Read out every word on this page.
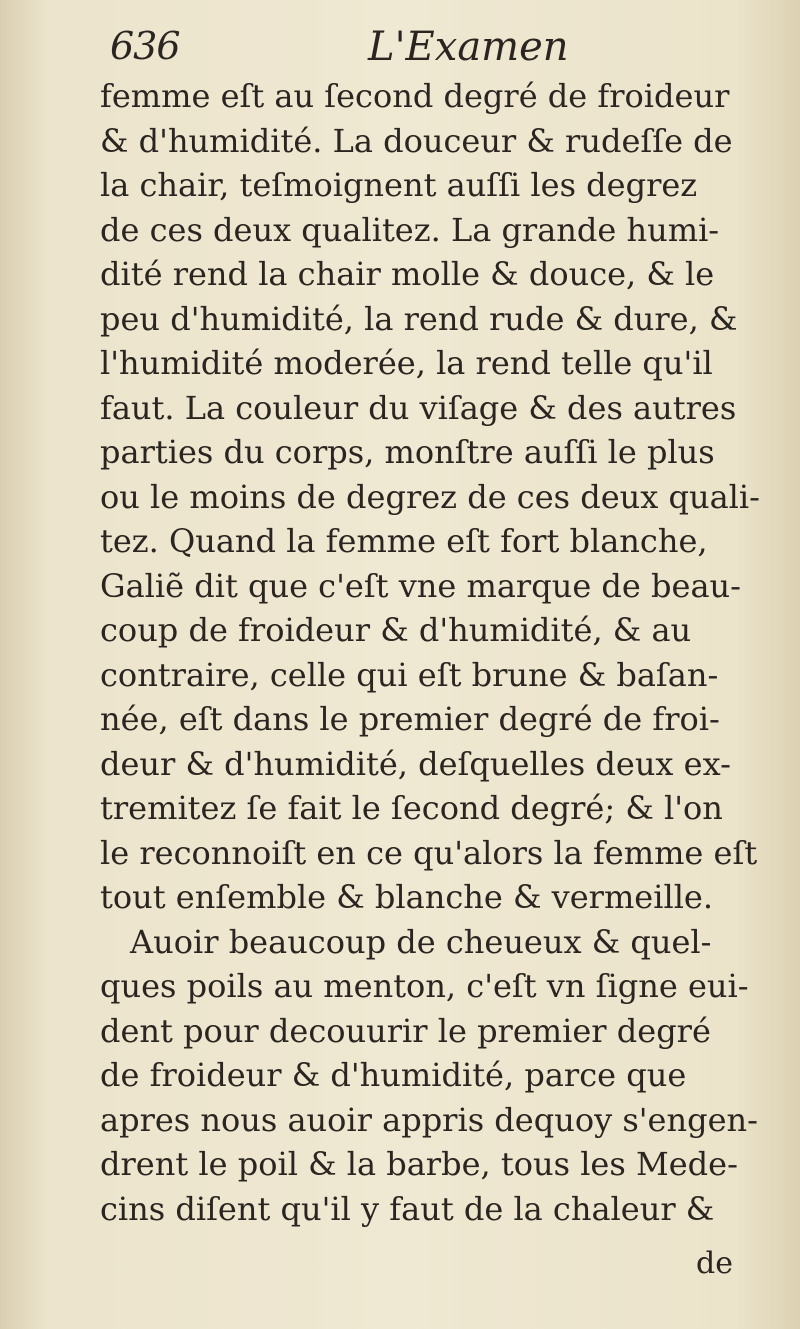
636	L'Examen
femme eſt au ſecond degré de froideur
& d'humidité. La douceur & rudeſſe de
la chair, teſmoignent auſſi les degrez
de ces deux qualitez. La grande humi-
dité rend la chair molle & douce, & le
peu d'humidité, la rend rude & dure, &
l'humidité moderée, la rend telle qu'il
faut. La couleur du viſage & des autres
parties du corps, monſtre auſſi le plus
ou le moins de degrez de ces deux quali-
tez. Quand la femme eſt fort blanche,
Galiẽ dit que c'eſt vne marque de beau-
coup de froideur & d'humidité, & au
contraire, celle qui eſt brune & baſan-
née, eſt dans le premier degré de froi-
deur & d'humidité, deſquelles deux ex-
tremitez ſe fait le ſecond degré; & l'on
le reconnoiſt en ce qu'alors la femme eſt
tout enſemble & blanche & vermeille.
Auoir beaucoup de cheueux & quel-
ques poils au menton, c'eſt vn ſigne eui-
dent pour decouurir le premier degré
de froideur & d'humidité, parce que
apres nous auoir appris dequoy s'engen-
drent le poil & la barbe, tous les Mede-
cins diſent qu'il y faut de la chaleur &
de
